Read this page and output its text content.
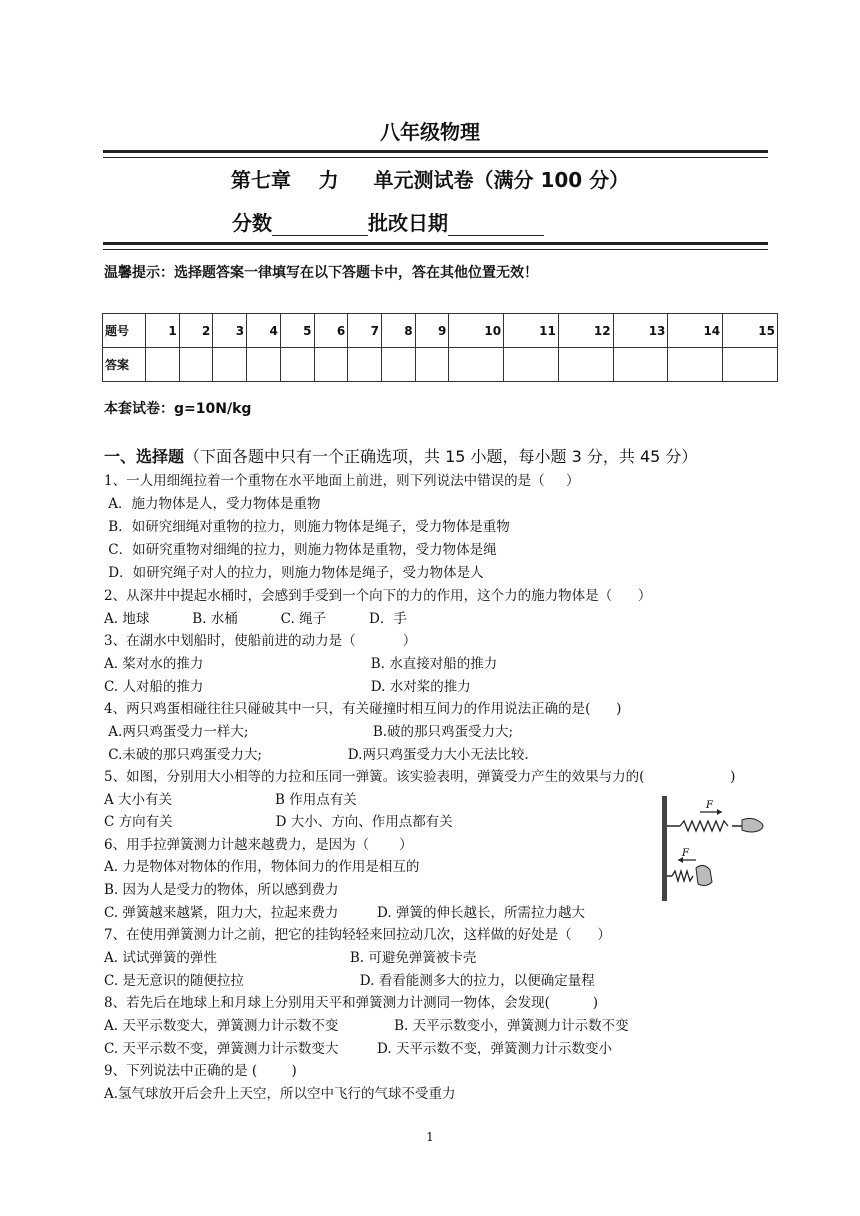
八年级物理
第七章    力     单元测试卷（满分 100 分）
分数	批改日期
温馨提示：选择题答案一律填写在以下答题卡中，答在其他位置无效！
题号	1	2	3	4	5	6	7	8	9	10	11	12	13	14	15
答案															
本套试卷：g=10N/kg
一、选择题（下面各题中只有一个正确选项，共 15 小题，每小题 3 分，共 45 分）
1、一人用细绳拉着一个重物在水平地面上前进，则下列说法中错误的是（     ）
A．施力物体是人，受力物体是重物
B．如研究细绳对重物的拉力，则施力物体是绳子，受力物体是重物
C．如研究重物对细绳的拉力，则施力物体是重物，受力物体是绳
D．如研究绳子对人的拉力，则施力物体是绳子，受力物体是人
2、从深井中提起水桶时，会感到手受到一个向下的力的作用，这个力的施力物体是（      ）
A. 地球          B. 水桶          C. 绳子          D．手
3、在湖水中划船时，使船前进的动力是（           ）
A. 桨对水的推力                                       B. 水直接对船的推力
C. 人对船的推力                                       D. 水对桨的推力
4、两只鸡蛋相碰往往只碰破其中一只，有关碰撞时相互间力的作用说法正确的是(      )
A.两只鸡蛋受力一样大;                             B.破的那只鸡蛋受力大;
C.未破的那只鸡蛋受力大;                    D.两只鸡蛋受力大小无法比较.
5、如图，分别用大小相等的力拉和压同一弹簧。该实验表明，弹簧受力产生的效果与力的(                    )
A 大小有关                        B 作用点有关
C 方向有关                        D 大小、方向、作用点都有关
6、用手拉弹簧测力计越来越费力，是因为（       ）
A. 力是物体对物体的作用，物体间力的作用是相互的
B. 因为人是受力的物体，所以感到费力
C. 弹簧越来越紧，阻力大，拉起来费力         D. 弹簧的伸长越长，所需拉力越大
7、在使用弹簧测力计之前，把它的挂钩轻轻来回拉动几次，这样做的好处是（      ）
A. 试试弹簧的弹性                               B. 可避免弹簧被卡壳
C. 是无意识的随便拉拉                           D. 看看能测多大的拉力，以便确定量程
8、若先后在地球上和月球上分别用天平和弹簧测力计测同一物体，会发现(          )
A. 天平示数变大，弹簧测力计示数不变             B. 天平示数变小，弹簧测力计示数不变
C. 天平示数不变，弹簧测力计示数变大         D. 天平示数不变，弹簧测力计示数变小
9、下列说法中正确的是 (        )
A.氢气球放开后会升上天空，所以空中飞行的气球不受重力
F
F
1
